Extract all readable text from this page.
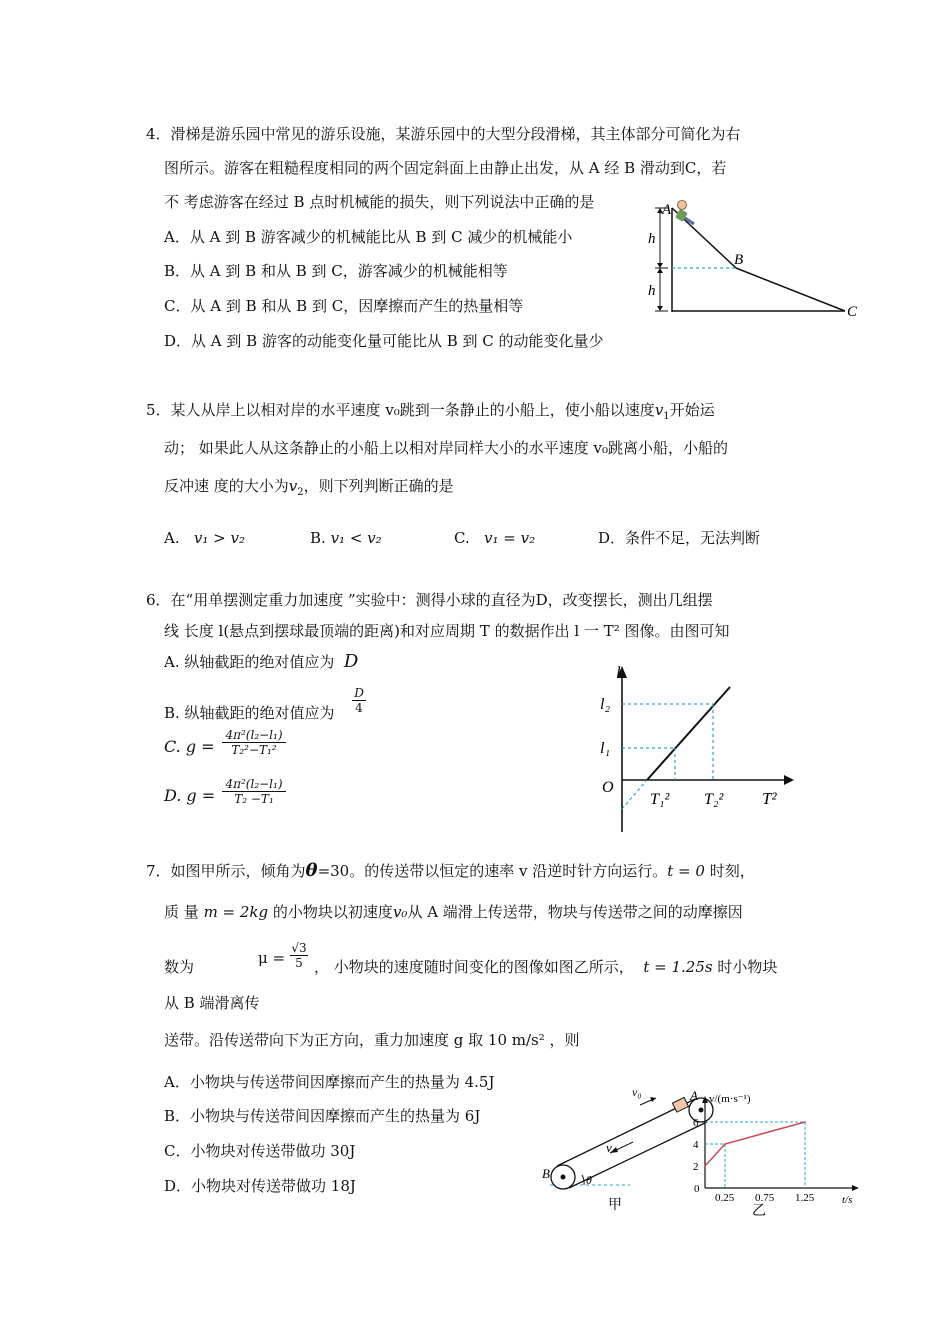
4．滑梯是游乐园中常见的游乐设施，某游乐园中的大型分段滑梯，其主体部分可简化为右
图所示。游客在粗糙程度相同的两个固定斜面上由静止出发，从 A 经 B 滑动到C，若
不 考虑游客在经过 B 点时机械能的损失，则下列说法中正确的是
A．从 A 到 B 游客减少的机械能比从 B 到 C 减少的机械能小
B．从 A 到 B 和从 B 到 C，游客减少的机械能相等
C．从 A 到 B 和从 B 到 C，因摩擦而产生的热量相等
D．从 A 到 B 游客的动能变化量可能比从 B 到 C 的动能变化量少
A
B
C
h
h
5．某人从岸上以相对岸的水平速度 v₀跳到一条静止的小船上，使小船以速度$v_1$开始运
动； 如果此人从这条静止的小船上以相对岸同样大小的水平速度 v₀跳离小船，小船的
反冲速 度的大小为$v_2$，则下列判断正确的是
A. v₁ > v₂	B. v₁ < v₂	C. v₁ = v₂	D．条件不足，无法判断
6．在“用单摆测定重力加速度 ”实验中：测得小球的直径为D，改变摆长，测出几组摆
线 长度 l(悬点到摆球最顶端的距离)和对应周期 T 的数据作出 l 一 T² 图像。由图可知
A. 纵轴截距的绝对值应为 D
B. 纵轴截距的绝对值应为 $\frac{D}{4}$
C. $g = \frac{\text{4π²(l₂−l₁)}}{\text{T₂²−T₁²}}$
D. $g = \frac{\text{4π²(l₂−l₁)}}{\text{T₂ −T₁}}$
l
T²
O
l₁
l₂
T₁² T₂²
7．如图甲所示，倾角为θ=30。的传送带以恒定的速率 v 沿逆时针方向运行。t = 0 时刻，
质 量 m = 2kg 的小物块以初速度v₀从 A 端滑上传送带，物块与传送带之间的动摩擦因
数为	$\mu = \frac{√3}{5}$ ， 小物块的速度随时间变化的图像如图乙所示， t = 1.25s 时小物块
从 B 端滑离传
送带。沿传送带向下为正方向，重力加速度 g 取 10 m/s² ，则
A．小物块与传送带间因摩擦而产生的热量为 4.5J
B．小物块与传送带间因摩擦而产生的热量为 6J
C．小物块对传送带做功 30J
D．小物块对传送带做功 18J
B
A
v₀
v
θ
甲	0.25 0.75 1.25
2
4
6
v/(m·s⁻¹)
t/s
0
乙
